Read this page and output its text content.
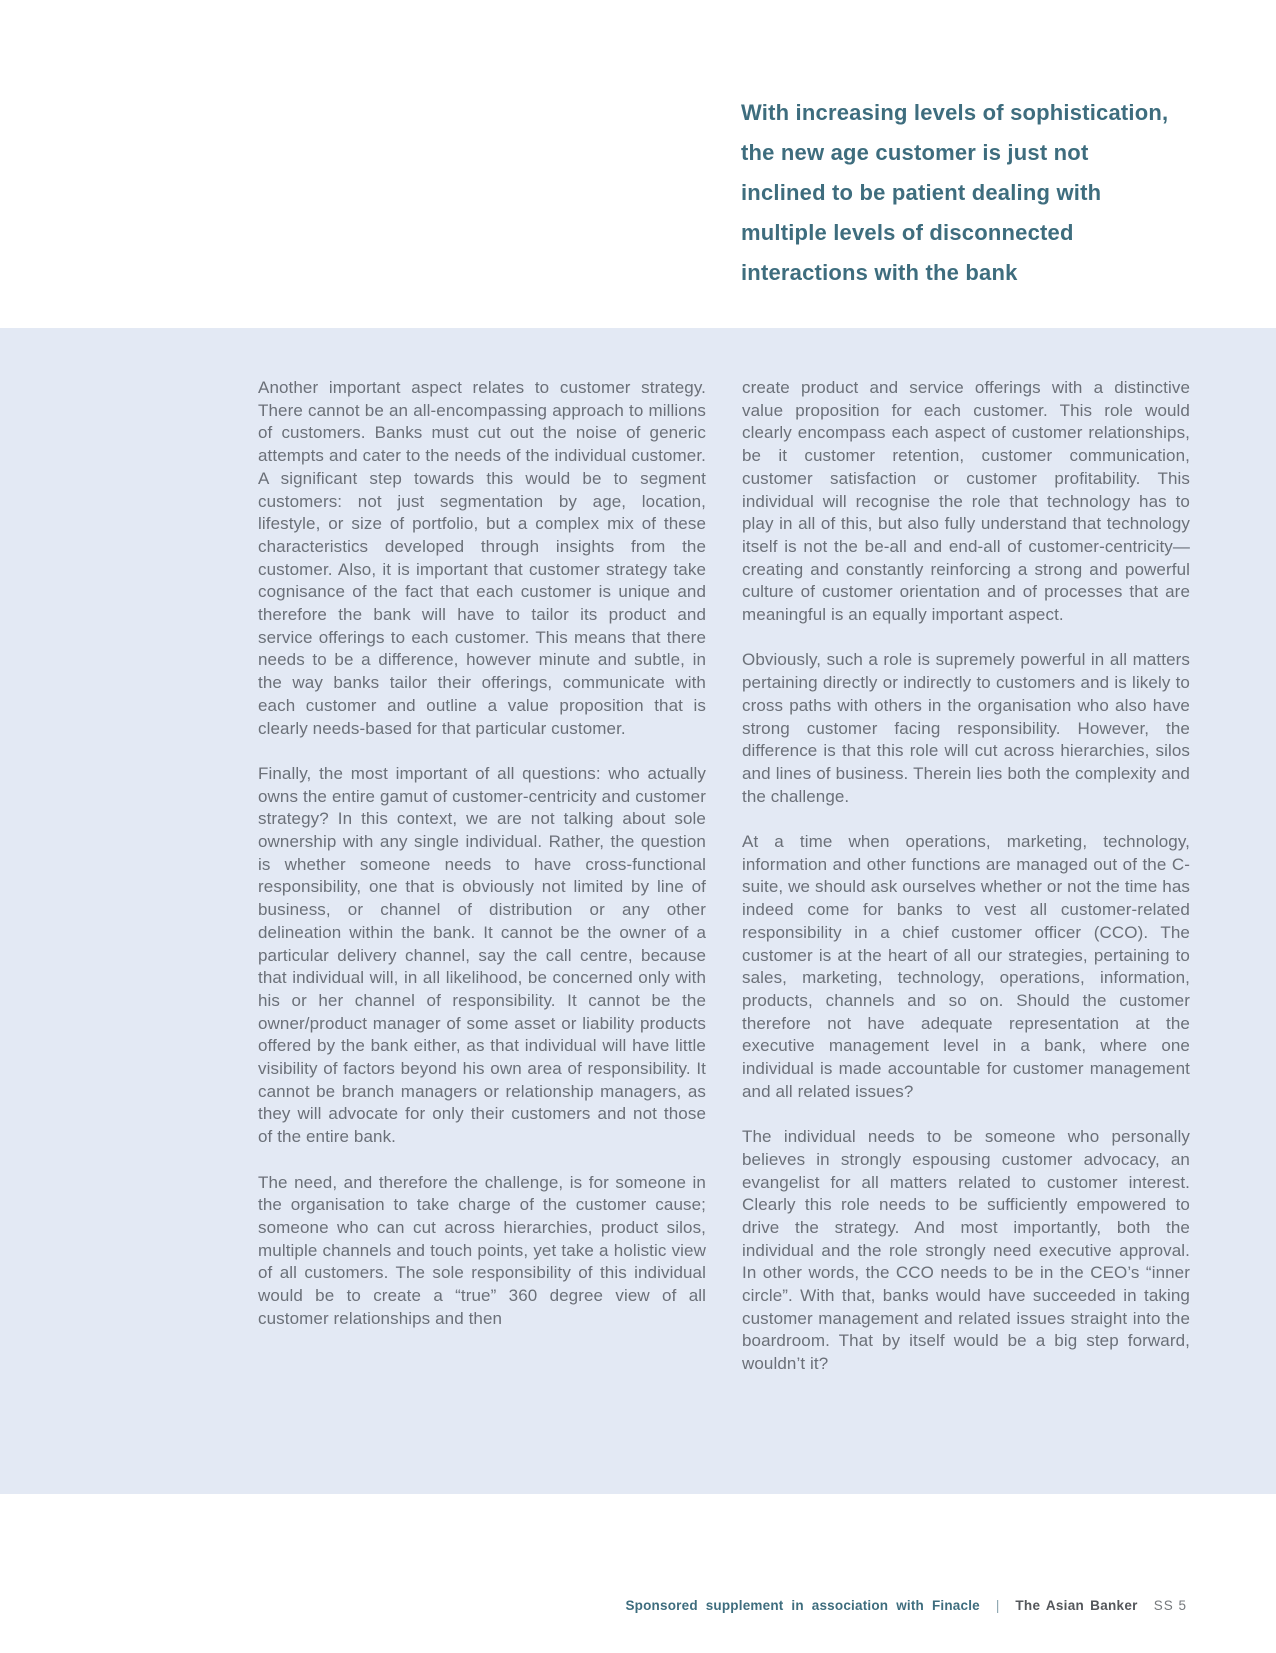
With increasing levels of sophistication,
the new age customer is just not
inclined to be patient dealing with
multiple levels of disconnected
interactions with the bank

Another important aspect relates to customer strategy. There cannot be an all-encompassing approach to millions of customers. Banks must cut out the noise of generic attempts and cater to the needs of the individual customer. A significant step towards this would be to segment customers: not just segmentation by age, location, lifestyle, or size of portfolio, but a complex mix of these characteristics developed through insights from the customer. Also, it is important that customer strategy take cognisance of the fact that each customer is unique and therefore the bank will have to tailor its product and service offerings to each customer. This means that there needs to be a difference, however minute and subtle, in the way banks tailor their offerings, communicate with each customer and outline a value proposition that is clearly needs-based for that particular customer.

Finally, the most important of all questions: who actually owns the entire gamut of customer-centricity and customer strategy? In this context, we are not talking about sole ownership with any single individual. Rather, the question is whether someone needs to have cross-functional responsibility, one that is obviously not limited by line of business, or channel of distribution or any other delineation within the bank. It cannot be the owner of a particular delivery channel, say the call centre, because that individual will, in all likelihood, be concerned only with his or her channel of responsibility. It cannot be the owner/product manager of some asset or liability products offered by the bank either, as that individual will have little visibility of factors beyond his own area of responsibility. It cannot be branch managers or relationship managers, as they will advocate for only their customers and not those of the entire bank.

The need, and therefore the challenge, is for someone in the organisation to take charge of the customer cause; someone who can cut across hierarchies, product silos, multiple channels and touch points, yet take a holistic view of all customers. The sole responsibility of this individual would be to create a “true” 360 degree view of all customer relationships and then

create product and service offerings with a distinctive value proposition for each customer. This role would clearly encompass each aspect of customer relationships, be it customer retention, customer communication, customer satisfaction or customer profitability. This individual will recognise the role that technology has to play in all of this, but also fully understand that technology itself is not the be-all and end-all of customer-centricity—creating and constantly reinforcing a strong and powerful culture of customer orientation and of processes that are meaningful is an equally important aspect.

Obviously, such a role is supremely powerful in all matters pertaining directly or indirectly to customers and is likely to cross paths with others in the organisation who also have strong customer facing responsibility. However, the difference is that this role will cut across hierarchies, silos and lines of business. Therein lies both the complexity and the challenge.

At a time when operations, marketing, technology, information and other functions are managed out of the C-suite, we should ask ourselves whether or not the time has indeed come for banks to vest all customer-related responsibility in a chief customer officer (CCO). The customer is at the heart of all our strategies, pertaining to sales, marketing, technology, operations, information, products, channels and so on. Should the customer therefore not have adequate representation at the executive management level in a bank, where one individual is made accountable for customer management and all related issues?

The individual needs to be someone who personally believes in strongly espousing customer advocacy, an evangelist for all matters related to customer interest. Clearly this role needs to be sufficiently empowered to drive the strategy. And most importantly, both the individual and the role strongly need executive approval. In other words, the CCO needs to be in the CEO’s “inner circle”. With that, banks would have succeeded in taking customer management and related issues straight into the boardroom. That by itself would be a big step forward, wouldn’t it?

Sponsored supplement in association with Finacle	|	The Asian Banker SS 5
